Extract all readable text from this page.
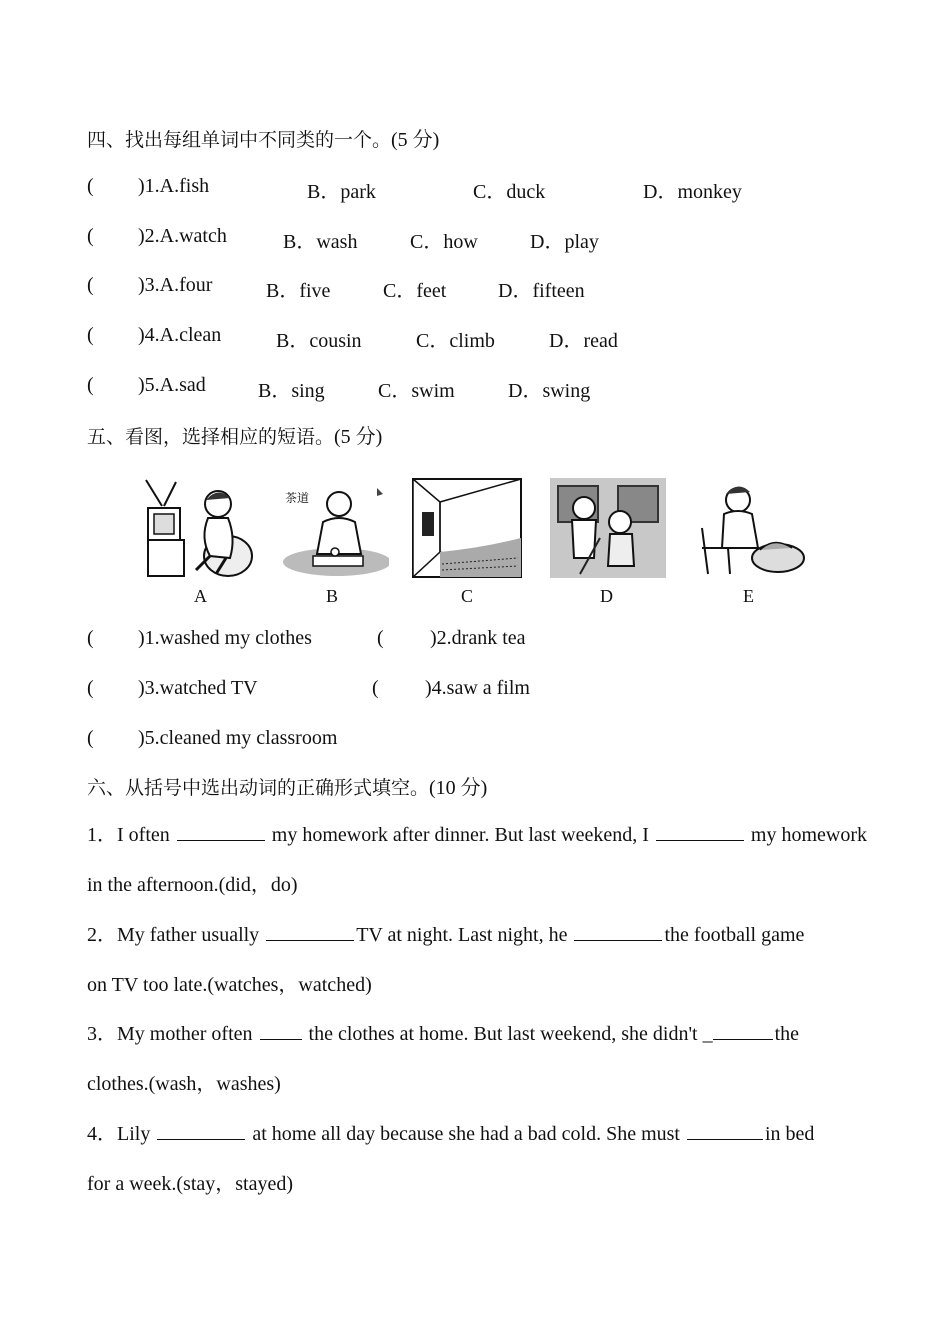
四、找出每组单词中不同类的一个。(5 分)
( )1.A.fish	B．park	C．duck	D．monkey
( )2.A.watch	B．wash	C．how	D．play
( )3.A.four	B．five	C．feet	D．fifteen
( )4.A.clean	B．cousin	C．climb	D．read
( )5.A.sad	B．sing	C．swim	D．swing
五、看图，选择相应的短语。(5 分)
A
茶道
B	C	D	E
( )1.washed my clothes	( )2.drank tea
( )3.watched TV	( )4.saw a film
( )5.cleaned my classroom
六、从括号中选出动词的正确形式填空。(10 分)
1．I often	my homework after dinner. But last weekend, I	my homework
in the afternoon.(did，do)
2．My father usually	TV at night. Last night, he	the football game
on TV too late.(watches，watched)
3．My mother often	the clothes at home. But last weekend, she didn't _	the
clothes.(wash，washes)
4．Lily	at home all day because she had a bad cold. She must	in bed
for a week.(stay，stayed)
